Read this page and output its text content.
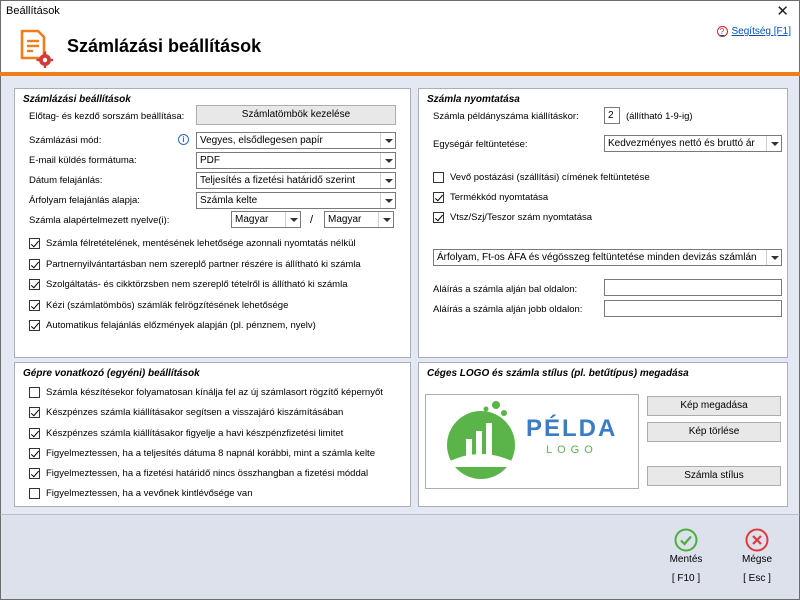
Beállítások	✕
Számlázási beállítások
? Segítség [F1]
Számlázási beállítások
Előtag- és kezdő sorszám beállítása:	Számlatömbök kezelése
Számlázási mód:	i	Vegyes, elsődlegesen papír
E-mail küldés formátuma:	PDF
Dátum felajánlás:	Teljesítés a fizetési határidő szerint
Árfolyam felajánlás alapja:	Számla kelte
Számla alapértelmezett nyelve(i):	Magyar	/	Magyar
Számla félretételének, mentésének lehetősége azonnali nyomtatás nélkül
Partnernyilvántartásban nem szereplő partner részére is állítható ki számla
Szolgáltatás- és cikktörzsben nem szereplő tételről is állítható ki számla
Kézi (számlatömbös) számlák felrögzítésének lehetősége
Automatikus felajánlás előzmények alapján (pl. pénznem, nyelv)
Gépre vonatkozó (egyéni) beállítások
Számla készítésekor folyamatosan kínálja fel az új számlasort rögzítő képernyőt
Készpénzes számla kiállításakor segítsen a visszajáró kiszámításában
Készpénzes számla kiállításakor figyelje a havi készpénzfizetési limitet
Figyelmeztessen, ha a teljesítés dátuma 8 napnál korábbi, mint a számla kelte
Figyelmeztessen, ha a fizetési határidő nincs összhangban a fizetési móddal
Figyelmeztessen, ha a vevőnek kintlévősége van
Számla nyomtatása
Számla példányszáma kiállításkor:	2	(állítható 1-9-ig)
Egységár feltüntetése:	Kedvezményes nettó és bruttó ár
Vevő postázási (szállítási) címének feltüntetése
Termékkód nyomtatása
Vtsz/Szj/Teszor szám nyomtatása
Árfolyam, Ft-os ÁFA és végösszeg feltüntetése minden devizás számlán
Aláírás a számla alján bal oldalon:
Aláírás a számla alján jobb oldalon:
Céges LOGO és számla stílus (pl. betűtípus) megadása
PÉLDA
LOGO
Kép megadása
Kép törlése
Számla stílus
Mentés
[ F10 ]
Mégse
[ Esc ]
